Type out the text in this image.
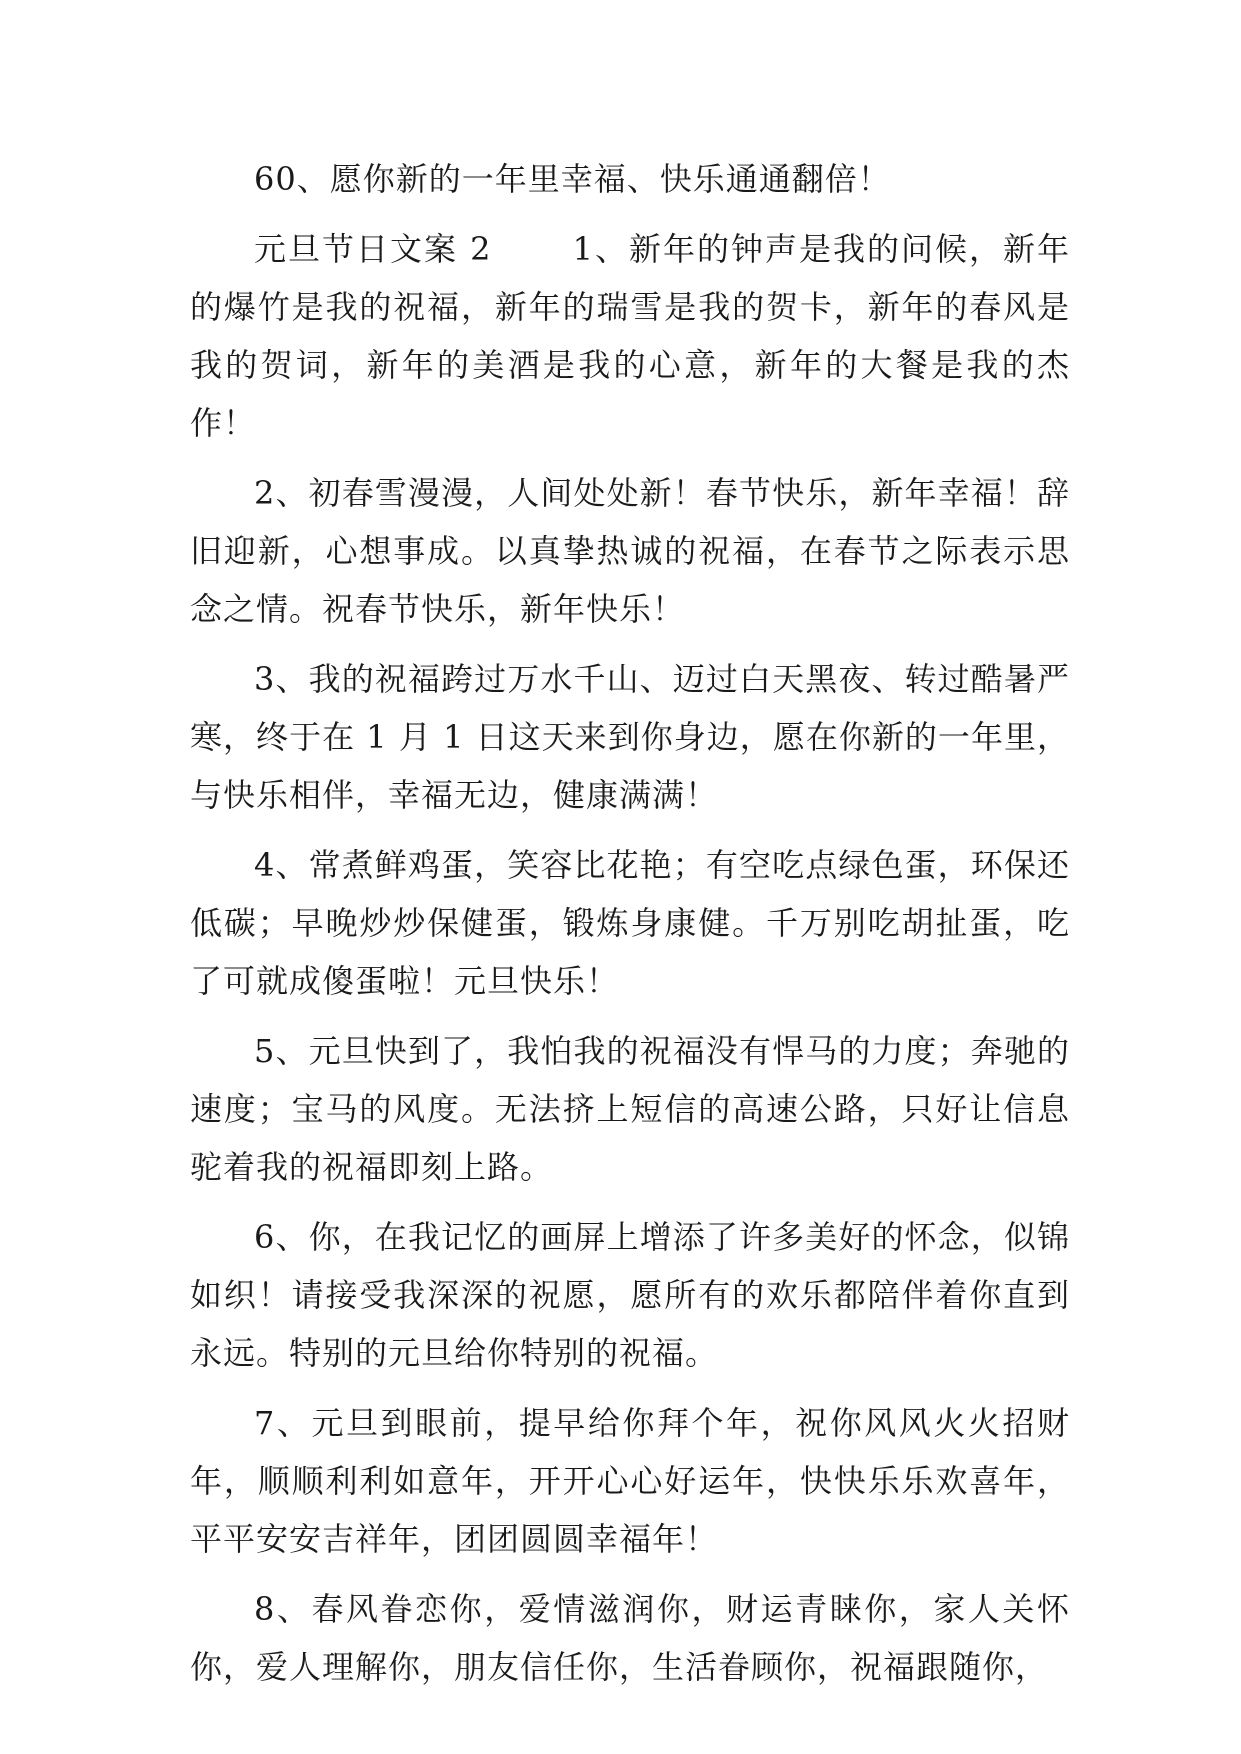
60、愿你新的一年里幸福、快乐通通翻倍！

元旦节日文案 2　　 1、新年的钟声是我的问候，新年的爆竹是我的祝福，新年的瑞雪是我的贺卡，新年的春风是我的贺词，新年的美酒是我的心意，新年的大餐是我的杰作！

2、初春雪漫漫，人间处处新！春节快乐，新年幸福！辞旧迎新，心想事成。以真挚热诚的祝福，在春节之际表示思念之情。祝春节快乐，新年快乐！

3、我的祝福跨过万水千山、迈过白天黑夜、转过酷暑严寒，终于在 1 月 1 日这天来到你身边，愿在你新的一年里，与快乐相伴，幸福无边，健康满满！

4、常煮鲜鸡蛋，笑容比花艳；有空吃点绿色蛋，环保还低碳；早晚炒炒保健蛋，锻炼身康健。千万别吃胡扯蛋，吃了可就成傻蛋啦！元旦快乐！

5、元旦快到了，我怕我的祝福没有悍马的力度；奔驰的速度；宝马的风度。无法挤上短信的高速公路，只好让信息驼着我的祝福即刻上路。

6、你，在我记忆的画屏上增添了许多美好的怀念，似锦如织！请接受我深深的祝愿，愿所有的欢乐都陪伴着你直到永远。特别的元旦给你特别的祝福。

7、元旦到眼前，提早给你拜个年，祝你风风火火招财年，顺顺利利如意年，开开心心好运年，快快乐乐欢喜年，平平安安吉祥年，团团圆圆幸福年！

8、春风眷恋你，爱情滋润你，财运青睐你，家人关怀你，爱人理解你，朋友信任你，生活眷顾你，祝福跟随你，
